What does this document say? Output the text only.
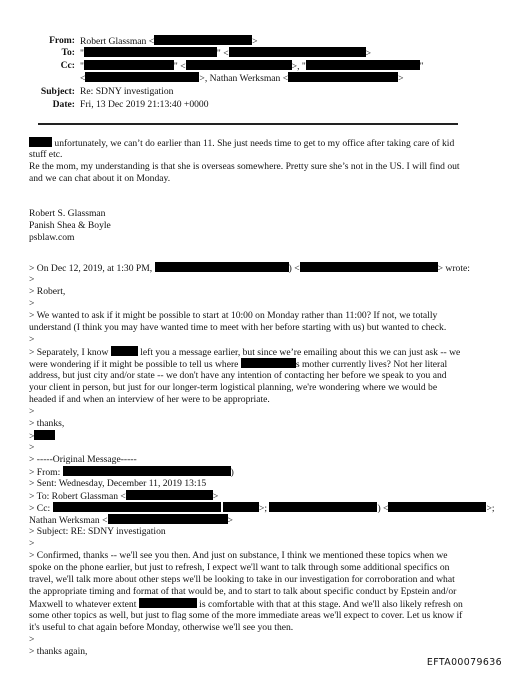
From: Robert Glassman <	>
To: "	" <	>
Cc: "	" <	>, "	"
<	>, Nathan Werksman <	>
Subject: Re: SDNY investigation
Date: Fri, 13 Dec 2019 21:13:40 +0000
unfortunately, we can’t do earlier than 11. She just needs time to get to my office after taking care of kid
stuff etc.
Re the mom, my understanding is that she is overseas somewhere. Pretty sure she’s not in the US. I will find out
and we can chat about it on Monday.
Robert S. Glassman
Panish Shea & Boyle
psblaw.com
> On Dec 12, 2019, at 1:30 PM,	) <	> wrote:
>
> Robert,
>
> We wanted to ask if it might be possible to start at 10:00 on Monday rather than 11:00? If not, we totally
understand (I think you may have wanted time to meet with her before starting with us) but wanted to check.
>
> Separately, I know	left you a message earlier, but since we’re emailing about this we can just ask -- we
were wondering if it might be possible to tell us where	s mother currently lives? Not her literal
address, but just city and/or state -- we don't have any intention of contacting her before we speak to you and
your client in person, but just for our longer-term logistical planning, we're wondering where we would be
headed if and when an interview of her were to be appropriate.
>
> thanks,
>
>
> -----Original Message-----
> From:	)
> Sent: Wednesday, December 11, 2019 13:15
> To: Robert Glassman <	>
> Cc:	>;	) <	>;
Nathan Werksman <	>
> Subject: RE: SDNY investigation
>
> Confirmed, thanks -- we'll see you then. And just on substance, I think we mentioned these topics when we
spoke on the phone earlier, but just to refresh, I expect we'll want to talk through some additional specifics on
travel, we'll talk more about other steps we'll be looking to take in our investigation for corroboration and what
the appropriate timing and format of that would be, and to start to talk about specific conduct by Epstein and/or
Maxwell to whatever extent	is comfortable with that at this stage. And we'll also likely refresh on
some other topics as well, but just to flag some of the more immediate areas we'll expect to cover. Let us know if
it's useful to chat again before Monday, otherwise we'll see you then.
>
> thanks again,
EFTA00079636
